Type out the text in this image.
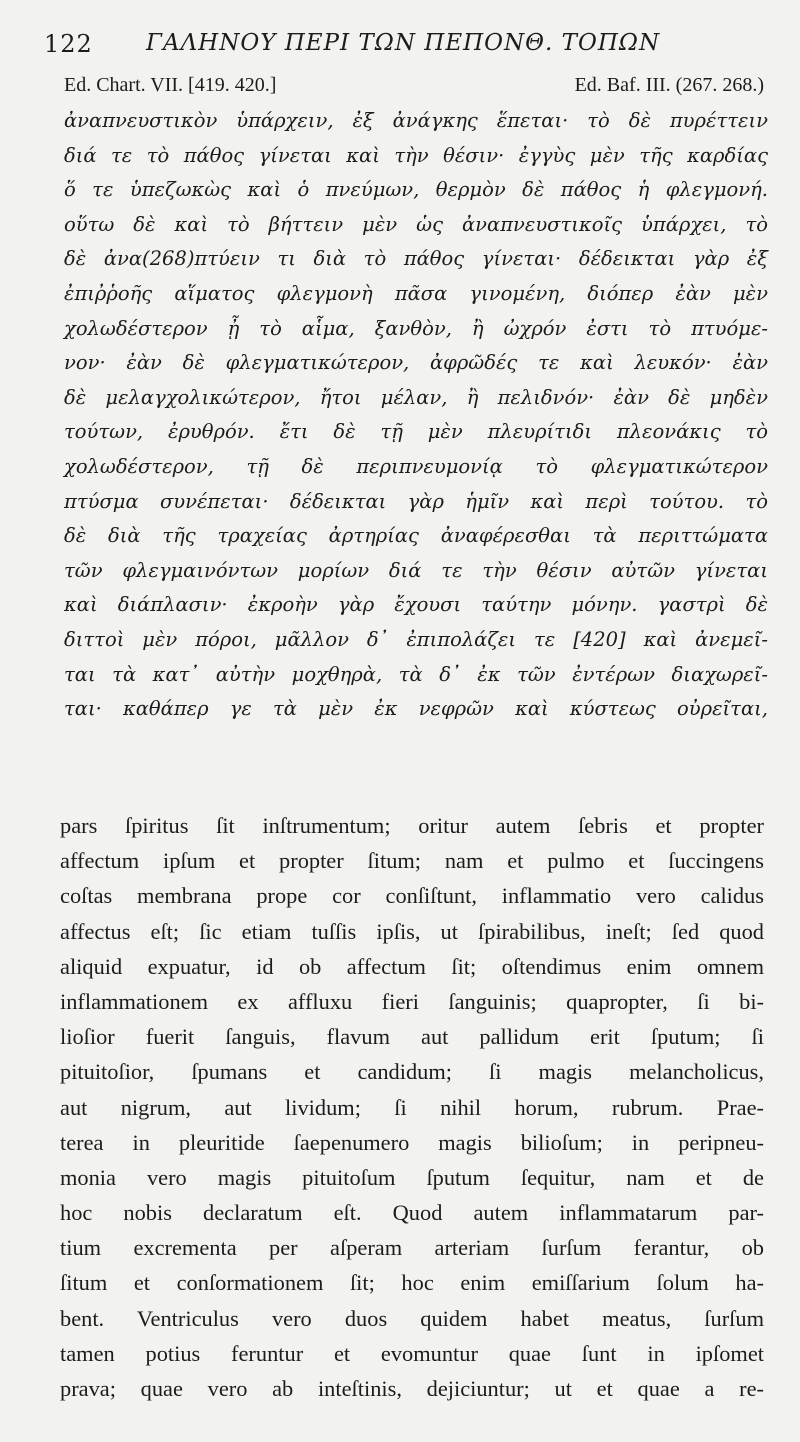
122 ΓΑΛΗΝΟΥ ΠΕΡΙ ΤΩΝ ΠΕΠΟΝΘ. ΤΟΠΩΝ
Ed. Chart. VII. [419. 420.]	Ed. Baf. III. (267. 268.)
ἀναπνευστικὸν ὑπάρχειν, ἐξ ἀνάγκης ἕπεται· τὸ δὲ πυρέττειν
διά τε τὸ πάθος γίνεται καὶ τὴν θέσιν· ἐγγὺς μὲν τῆς καρδίας
ὅ τε ὑπεζωκὼς καὶ ὁ πνεύμων, θερμὸν δὲ πάθος ἡ φλεγμονή.
οὕτω δὲ καὶ τὸ βήττειν μὲν ὡς ἀναπνευστικοῖς ὑπάρχει, τὸ
δὲ ἀνα(268)πτύειν τι διὰ τὸ πάθος γίνεται· δέδεικται γὰρ ἐξ
ἐπιῤῥοῆς αἵματος φλεγμονὴ πᾶσα γινομένη, διόπερ ἐὰν μὲν
χολωδέστερον ᾖ τὸ αἷμα, ξανθὸν, ἢ ὠχρόν ἐστι τὸ πτυόμε-
νον· ἐὰν δὲ φλεγματικώτερον, ἀφρῶδές τε καὶ λευκόν· ἐὰν
δὲ μελαγχολικώτερον, ἤτοι μέλαν, ἢ πελιδνόν· ἐὰν δὲ μηδὲν
τούτων, ἐρυθρόν. ἔτι δὲ τῇ μὲν πλευρίτιδι πλεονάκις τὸ
χολωδέστερον, τῇ δὲ περιπνευμονίᾳ τὸ φλεγματικώτερον
πτύσμα συνέπεται· δέδεικται γὰρ ἡμῖν καὶ περὶ τούτου. τὸ
δὲ διὰ τῆς τραχείας ἀρτηρίας ἀναφέρεσθαι τὰ περιττώματα
τῶν φλεγμαινόντων μορίων διά τε τὴν θέσιν αὐτῶν γίνεται
καὶ διάπλασιν· ἐκροὴν γὰρ ἔχουσι ταύτην μόνην. γαστρὶ δὲ
διττοὶ μὲν πόροι, μᾶλλον δ᾽ ἐπιπολάζει τε [420] καὶ ἀνεμεῖ-
ται τὰ κατ᾽ αὐτὴν μοχθηρὰ, τὰ δ᾽ ἐκ τῶν ἐντέρων διαχωρεῖ-
ται· καθάπερ γε τὰ μὲν ἐκ νεφρῶν καὶ κύστεως οὐρεῖται,
pars ſpiritus ſit inſtrumentum; oritur autem ſebris et propter
affectum ipſum et propter ſitum; nam et pulmo et ſuccingens
coſtas membrana prope cor conſiſtunt, inflammatio vero calidus
affectus eſt; ſic etiam tuſſis ipſis, ut ſpirabilibus, ineſt; ſed quod
aliquid expuatur, id ob affectum ſit; oſtendimus enim omnem
inflammationem ex affluxu fieri ſanguinis; quapropter, ſi bi-
lioſior fuerit ſanguis, flavum aut pallidum erit ſputum; ſi
pituitoſior, ſpumans et candidum; ſi magis melancholicus,
aut nigrum, aut lividum; ſi nihil horum, rubrum. Prae-
terea in pleuritide ſaepenumero magis bilioſum; in peripneu-
monia vero magis pituitoſum ſputum ſequitur, nam et de
hoc nobis declaratum eſt. Quod autem inflammatarum par-
tium excrementa per aſperam arteriam ſurſum ferantur, ob
ſitum et conſormationem ſit; hoc enim emiſſarium ſolum ha-
bent. Ventriculus vero duos quidem habet meatus, ſurſum
tamen potius feruntur et evomuntur quae ſunt in ipſomet
prava; quae vero ab inteſtinis, dejiciuntur; ut et quae a re-
